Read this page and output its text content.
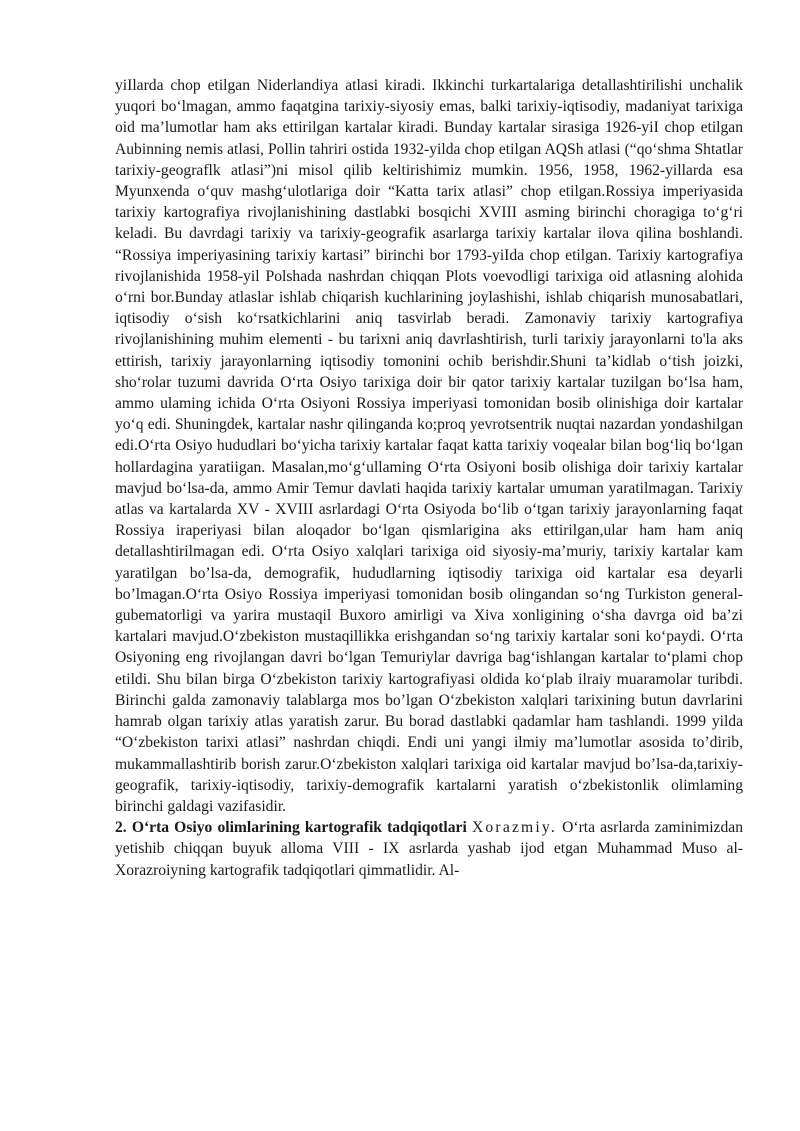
yiIlarda chop etilgan Niderlandiya atlasi kiradi. Ikkinchi turkartalariga detallashtirilishi unchalik yuqori bo‘lmagan, ammo faqatgina tarixiy-siyosiy emas, balki tarixiy-iqtisodiy, madaniyat tarixiga oid ma’lumotlar ham aks ettirilgan kartalar kiradi. Bunday kartalar sirasiga 1926-yiI chop etilgan Aubinning nemis atlasi, Pollin tahriri ostida 1932-yilda chop etilgan AQSh atlasi (“qo‘shma Shtatlar tarixiy-geograflk atlasi”)ni misol qilib keltirishimiz mumkin. 1956, 1958, 1962-yillarda esa Myunxenda o‘quv mashg‘ulotlariga doir “Katta tarix atlasi” chop etilgan.Rossiya imperiyasida tarixiy kartografiya rivojlanishining dastlabki bosqichi XVIII asming birinchi choragiga to‘g‘ri keladi. Bu davrdagi tarixiy va tarixiy-geografik asarlarga tarixiy kartalar ilova qilina boshlandi. “Rossiya imperiyasining tarixiy kartasi” birinchi bor 1793-yiIda chop etilgan. Tarixiy kartografiya rivojlanishida 1958-yil Polshada nashrdan chiqqan Plots voevodligi tarixiga oid atlasning alohida o‘rni bor.Bunday atlaslar ishlab chiqarish kuchlarining joylashishi, ishlab chiqarish munosabatlari, iqtisodiy o‘sish ko‘rsatkichlarini aniq tasvirlab beradi. Zamonaviy tarixiy kartografiya rivojlanishining muhim elementi - bu tarixni aniq davrlashtirish, turli tarixiy jarayonlarni to'la aks ettirish, tarixiy jarayonlarning iqtisodiy tomonini ochib berishdir.Shuni ta’kidlab o‘tish joizki, sho‘rolar tuzumi davrida O‘rta Osiyo tarixiga doir bir qator tarixiy kartalar tuzilgan bo‘lsa ham, ammo ulaming ichida O‘rta Osiyoni Rossiya imperiyasi tomonidan bosib olinishiga doir kartalar yo‘q edi. Shuningdek, kartalar nashr qilinganda ko;proq yevrotsentrik nuqtai nazardan yondashilgan edi.O‘rta Osiyo hududlari bo‘yicha tarixiy kartalar faqat katta tarixiy voqealar bilan bog‘liq bo‘lgan hollardagina yaratiigan. Masalan,mo‘g‘ullaming O‘rta Osiyoni bosib olishiga doir tarixiy kartalar mavjud bo‘lsa-da, ammo Amir Temur davlati haqida tarixiy kartalar umuman yaratilmagan. Tarixiy atlas va kartalarda XV - XVIII asrlardagi O‘rta Osiyoda bo‘lib o‘tgan tarixiy jarayonlarning faqat Rossiya iraperiyasi bilan aloqador bo‘lgan qismlarigina aks ettirilgan,ular ham ham aniq detallashtirilmagan edi. O‘rta Osiyo xalqlari tarixiga oid siyosiy-ma’muriy, tarixiy kartalar kam yaratilgan bo’lsa-da, demografik, hududlarning iqtisodiy tarixiga oid kartalar esa deyarli bo’lmagan.O‘rta Osiyo Rossiya imperiyasi tomonidan bosib olingandan so‘ng Turkiston general-gubematorligi va yarira mustaqil Buxoro amirligi va Xiva xonligining o‘sha davrga oid ba’zi kartalari mavjud.O‘zbekiston mustaqillikka erishgandan so‘ng tarixiy kartalar soni ko‘paydi. O‘rta Osiyoning eng rivojlangan davri bo‘lgan Temuriylar davriga bag‘ishlangan kartalar to‘plami chop etildi. Shu bilan birga O‘zbekiston tarixiy kartografiyasi oldida ko‘plab ilraiy muaramolar turibdi. Birinchi galda zamonaviy talablarga mos bo’lgan O‘zbekiston xalqlari tarixining butun davrlarini hamrab olgan tarixiy atlas yaratish zarur. Bu borad dastlabki qadamlar ham tashlandi. 1999 yilda “O‘zbekiston tarixi atlasi” nashrdan chiqdi. Endi uni yangi ilmiy ma’lumotlar asosida to’dirib, mukammallashtirib borish zarur.O‘zbekiston xalqlari tarixiga oid kartalar mavjud bo’lsa-da,tarixiy- geografik, tarixiy-iqtisodiy, tarixiy-demografik kartalarni yaratish o‘zbekistonlik olimlaming birinchi galdagi vazifasidir.

2. O‘rta Osiyo olimlarining kartografik tadqiqotlari Xorazmiy. O‘rta asrlarda zaminimizdan yetishib chiqqan buyuk alloma VIII - IX asrlarda yashab ijod etgan Muhammad Muso al-Xorazroiyning kartografik tadqiqotlari qimmatlidir. Al-
